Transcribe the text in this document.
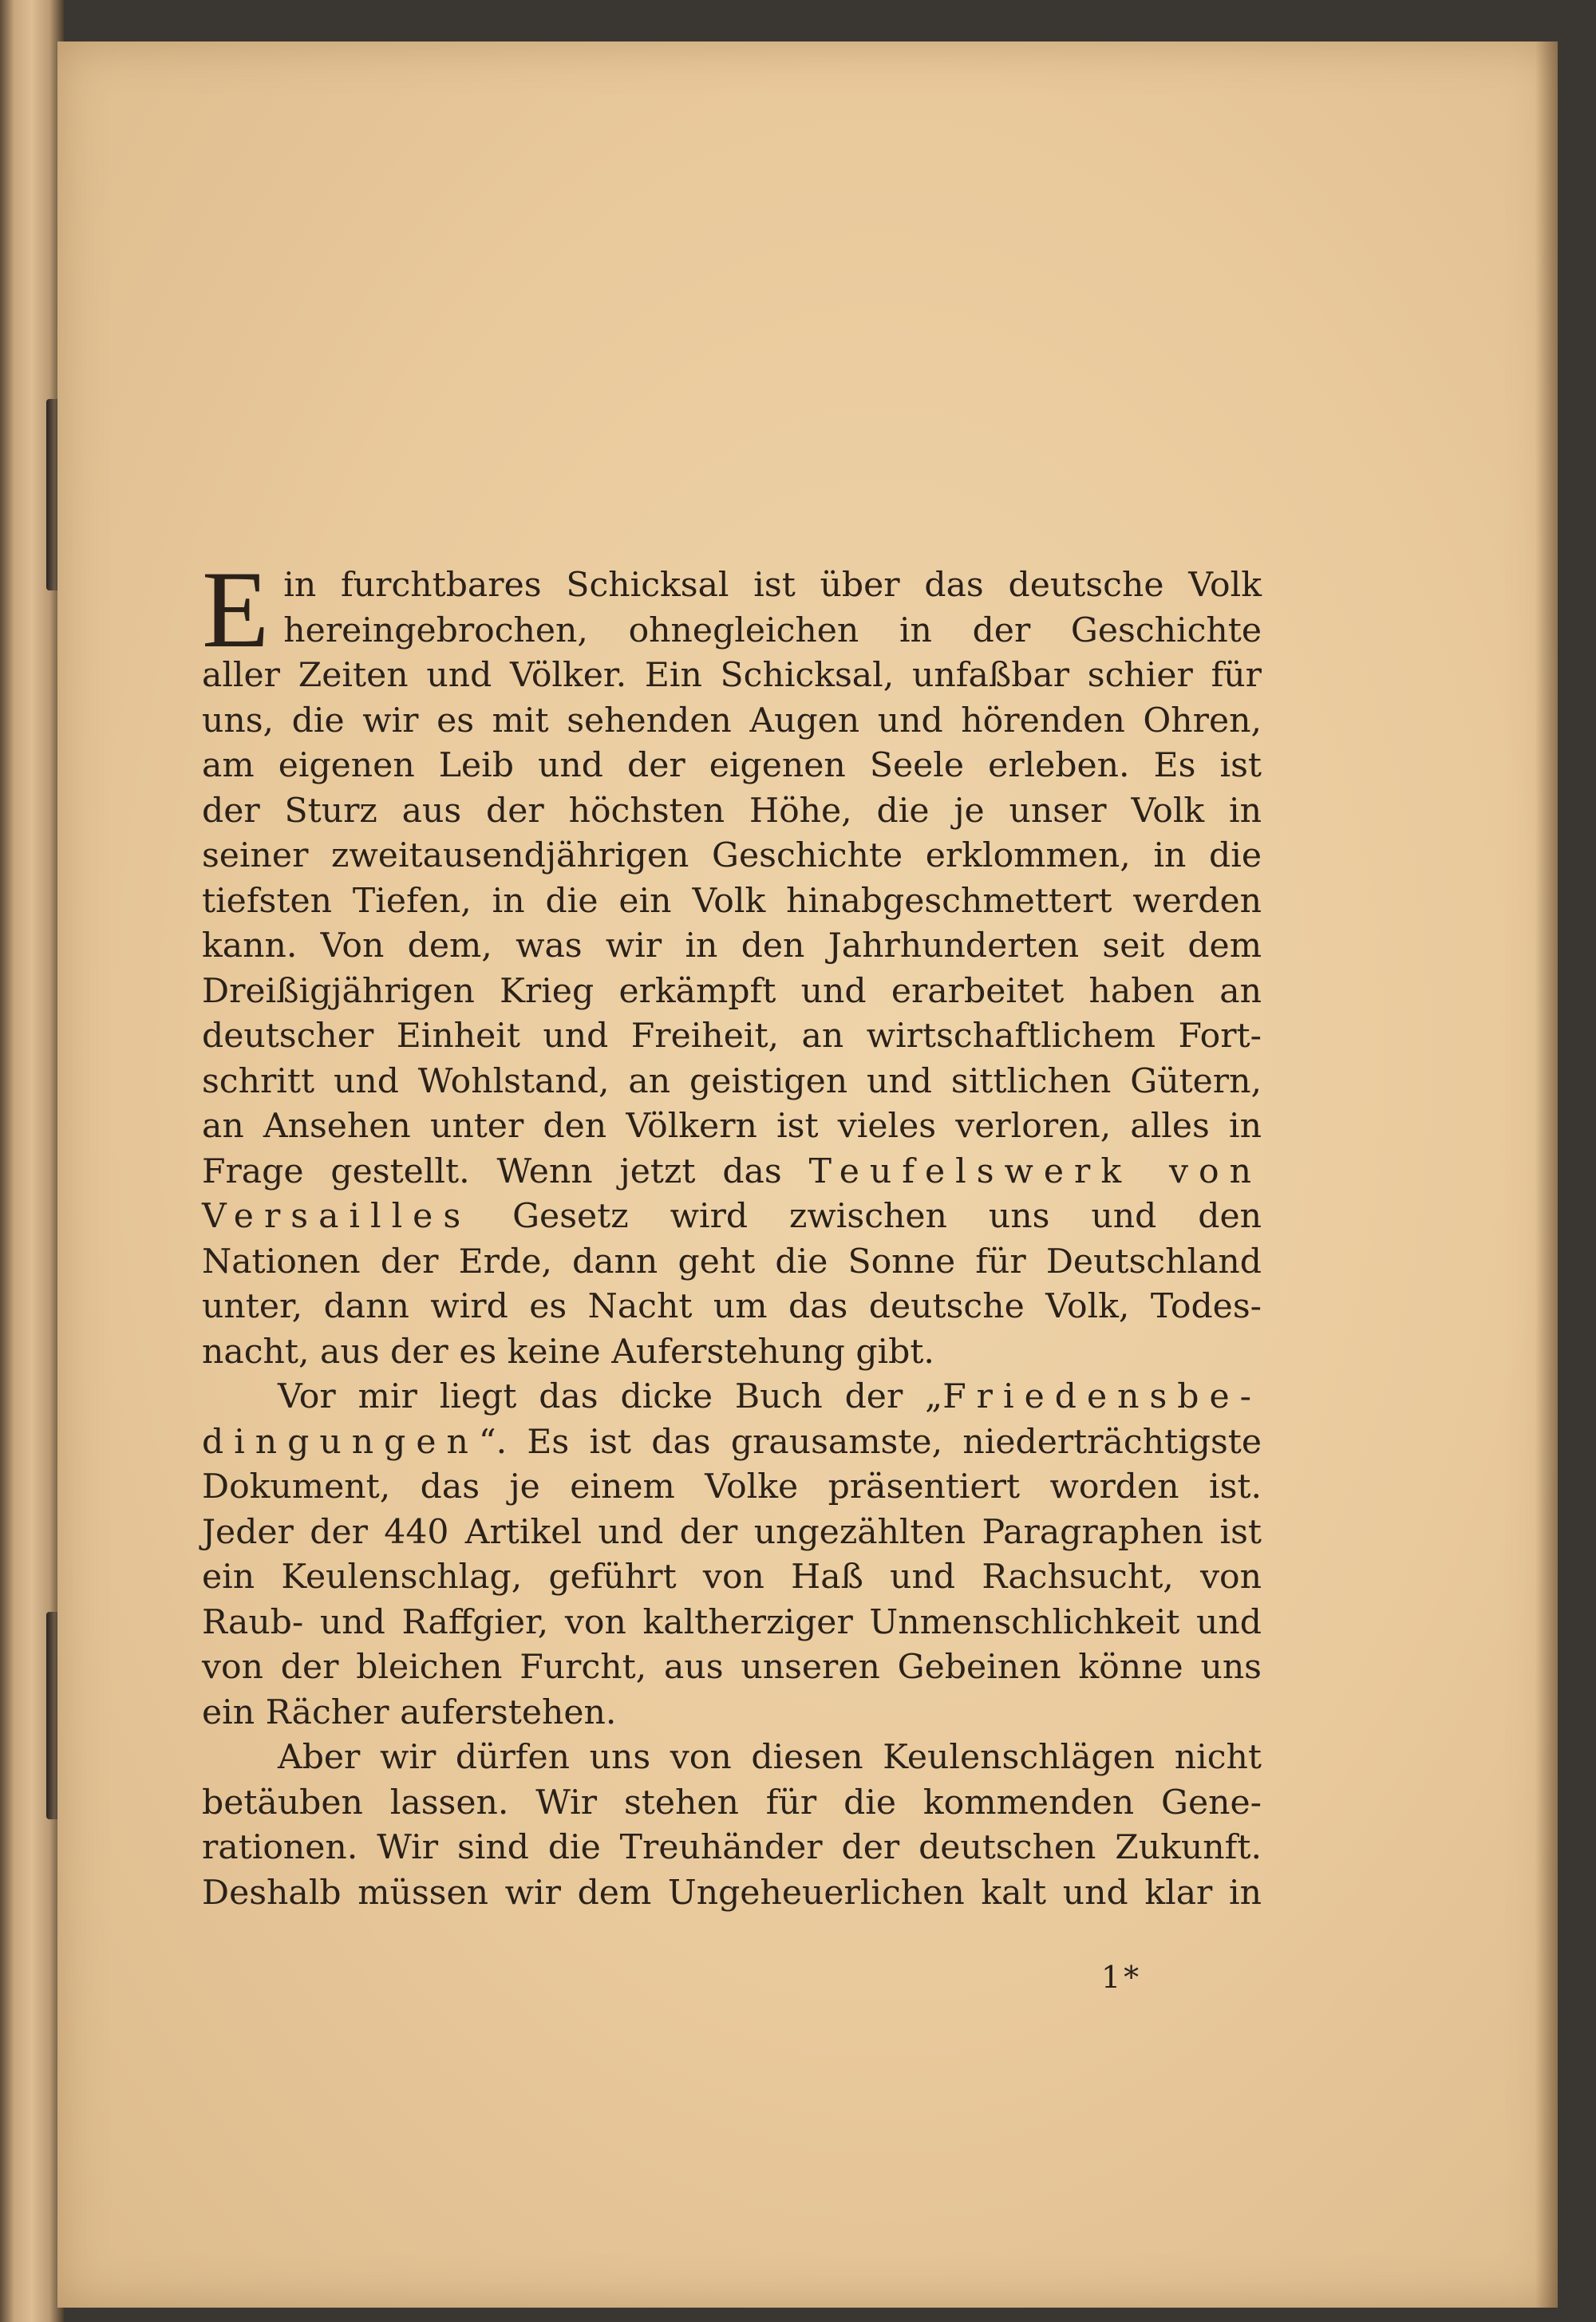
E in furchtbares Schicksal ist über das deutsche Volk
hereingebrochen, ohnegleichen in der Geschichte
aller Zeiten und Völker. Ein Schicksal, unfaßbar schier für
uns, die wir es mit sehenden Augen und hörenden Ohren,
am eigenen Leib und der eigenen Seele erleben. Es ist
der Sturz aus der höchsten Höhe, die je unser Volk in
seiner zweitausendjährigen Geschichte erklommen, in die
tiefsten Tiefen, in die ein Volk hinabgeschmettert werden
kann. Von dem, was wir in den Jahrhunderten seit dem
Dreißigjährigen Krieg erkämpft und erarbeitet haben an
deutscher Einheit und Freiheit, an wirtschaftlichem Fort-
schritt und Wohlstand, an geistigen und sittlichen Gütern,
an Ansehen unter den Völkern ist vieles verloren, alles in
Frage gestellt. Wenn jetzt das Teufelswerk von
Versailles Gesetz wird zwischen uns und den
Nationen der Erde, dann geht die Sonne für Deutschland
unter, dann wird es Nacht um das deutsche Volk, Todes-
nacht, aus der es keine Auferstehung gibt.
Vor mir liegt das dicke Buch der „Friedensbe-
dingungen“. Es ist das grausamste, niederträchtigste
Dokument, das je einem Volke präsentiert worden ist.
Jeder der 440 Artikel und der ungezählten Paragraphen ist
ein Keulenschlag, geführt von Haß und Rachsucht, von
Raub- und Raffgier, von kaltherziger Unmenschlichkeit und
von der bleichen Furcht, aus unseren Gebeinen könne uns
ein Rächer auferstehen.
Aber wir dürfen uns von diesen Keulenschlägen nicht
betäuben lassen. Wir stehen für die kommenden Gene-
rationen. Wir sind die Treuhänder der deutschen Zukunft.
Deshalb müssen wir dem Ungeheuerlichen kalt und klar in
1*
